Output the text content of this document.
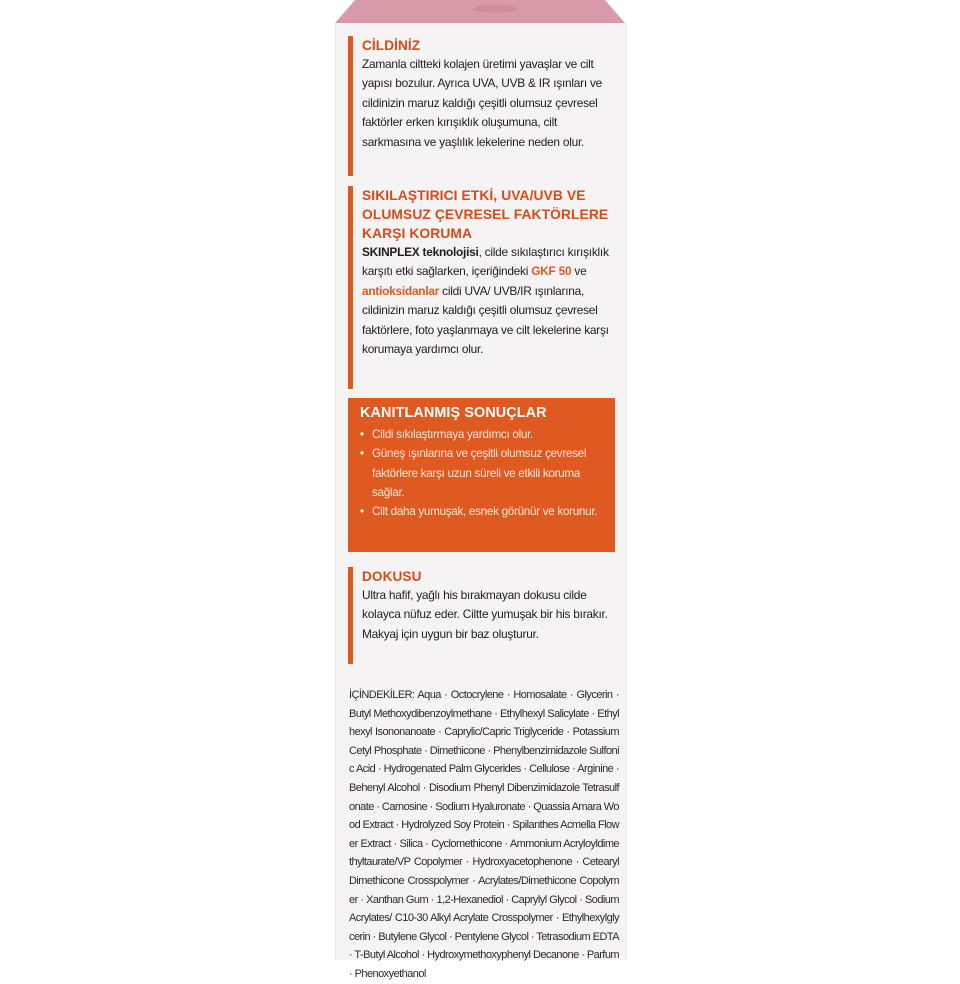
CİLDİNİZ
Zamanla ciltteki kolajen üretimi yavaşlar ve cilt yapısı bozulur. Ayrıca UVA, UVB & IR ışınları ve cildinizin maruz kaldığı çeşitli olumsuz çevresel faktörler erken kırışıklık oluşumuna, cilt sarkmasına ve yaşlılık lekelerine neden olur.
SIKILAŞTIRICI ETKİ, UVA/UVB VE OLUMSUZ ÇEVRESEL FAKTÖRLERE KARŞI KORUMA
SKINPLEX teknolojisi, cilde sıkılaştırıcı kırışıklık karşıtı etki sağlarken, içeriğindeki GKF 50 ve antioksidanlar cildi UVA/ UVB/IR ışınlarına, cildinizin maruz kaldığı çeşitli olumsuz çevresel faktörlere, foto yaşlanmaya ve cilt lekelerine karşı korumaya yardımcı olur.
KANITLANMIŞ SONUÇLAR
• Cildi sıkılaştırmaya yardımcı olur.
• Güneş ışınlarına ve çeşitli olumsuz çevresel faktörlere karşı uzun süreli ve etkili koruma sağlar.
• Cilt daha yumuşak, esnek görünür ve korunur.
DOKUSU
Ultra hafif, yağlı his bırakmayan dokusu cilde kolayca nüfuz eder. Ciltte yumuşak bir his bırakır. Makyaj için uygun bir baz oluşturur.
İÇİNDEKİLER: Aqua · Octocrylene · Homosalate · Glycerin · Butyl Methoxydibenzoylmethane · Ethylhexyl Salicylate · Ethylhexyl Isononanoate · Caprylic/Capric Triglyceride · Potassium Cetyl Phosphate · Dimethicone · Phenylbenzimidazole Sulfonic Acid · Hydrogenated Palm Glycerides · Cellulose · Arginine · Behenyl Alcohol · Disodium Phenyl Dibenzimidazole Tetrasulfonate · Carnosine · Sodium Hyaluronate · Quassia Amara Wood Extract · Hydrolyzed Soy Protein · Spilanthes Acmella Flower Extract · Silica · Cyclomethicone · Ammonium Acryloyldimethyltaurate/VP Copolymer · Hydroxyacetophenone · Cetearyl Dimethicone Crosspolymer · Acrylates/Dimethicone Copolymer · Xanthan Gum · 1,2-Hexanediol · Caprylyl Glycol · Sodium Acrylates/ C10-30 Alkyl Acrylate Crosspolymer · Ethylhexylglycerin · Butylene Glycol · Pentylene Glycol · Tetrasodium EDTA · T-Butyl Alcohol · Hydroxymethoxyphenyl Decanone · Parfum · Phenoxyethanol
